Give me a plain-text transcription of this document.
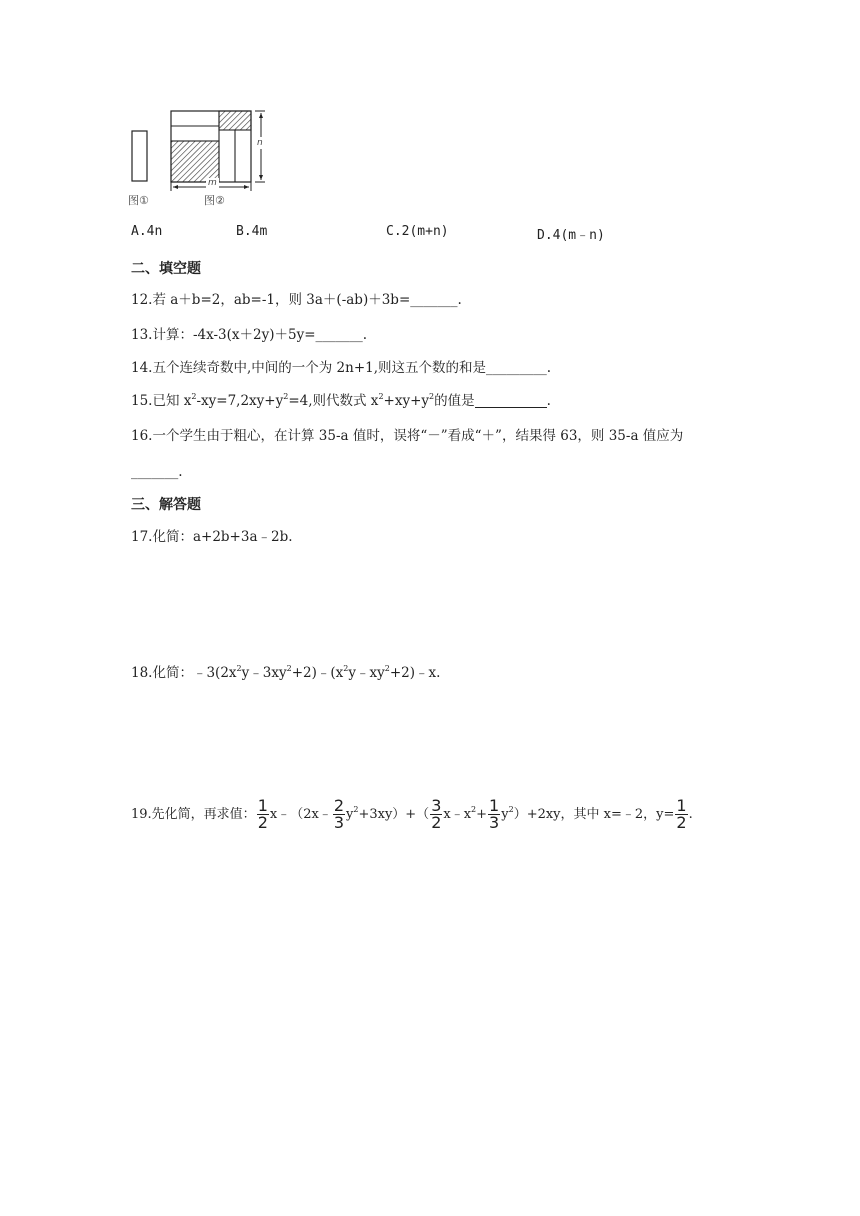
m
n
图①	图②
A.4n	B.4m	C.2(m+n)	D.4(m﹣n)
二、填空题
12.若 a＋b=2，ab=-1，则 3a＋(-ab)＋3b=_______.
13.计算：-4x-3(x＋2y)＋5y=_______.
14.五个连续奇数中,中间的一个为 2n+1,则这五个数的和是_________.
15.已知 $x^2-xy=7,2xy+y^2=4$,则代数式 $x^2+xy+y^2$的值是	.
16.一个学生由于粗心，在计算 35-a 值时，误将“－”看成“＋”，结果得 63，则 35-a 值应为
_______.
三、解答题
17.化简：a+2b+3a﹣2b.
18.化简：$﹣3(2x^2y﹣3xy^2+2)﹣(x^2y﹣xy^2+2)﹣x$.
19.先化简，再求值： $\frac{1}{2}$ x﹣（2x﹣ $\frac{2}{3} y^2+3xy)+( \frac{3}{2}$ $x﹣x^2+ \frac{1}{3} y^2)+2xy$，其中 x=﹣2，$y= \frac{1}{2}$ .
